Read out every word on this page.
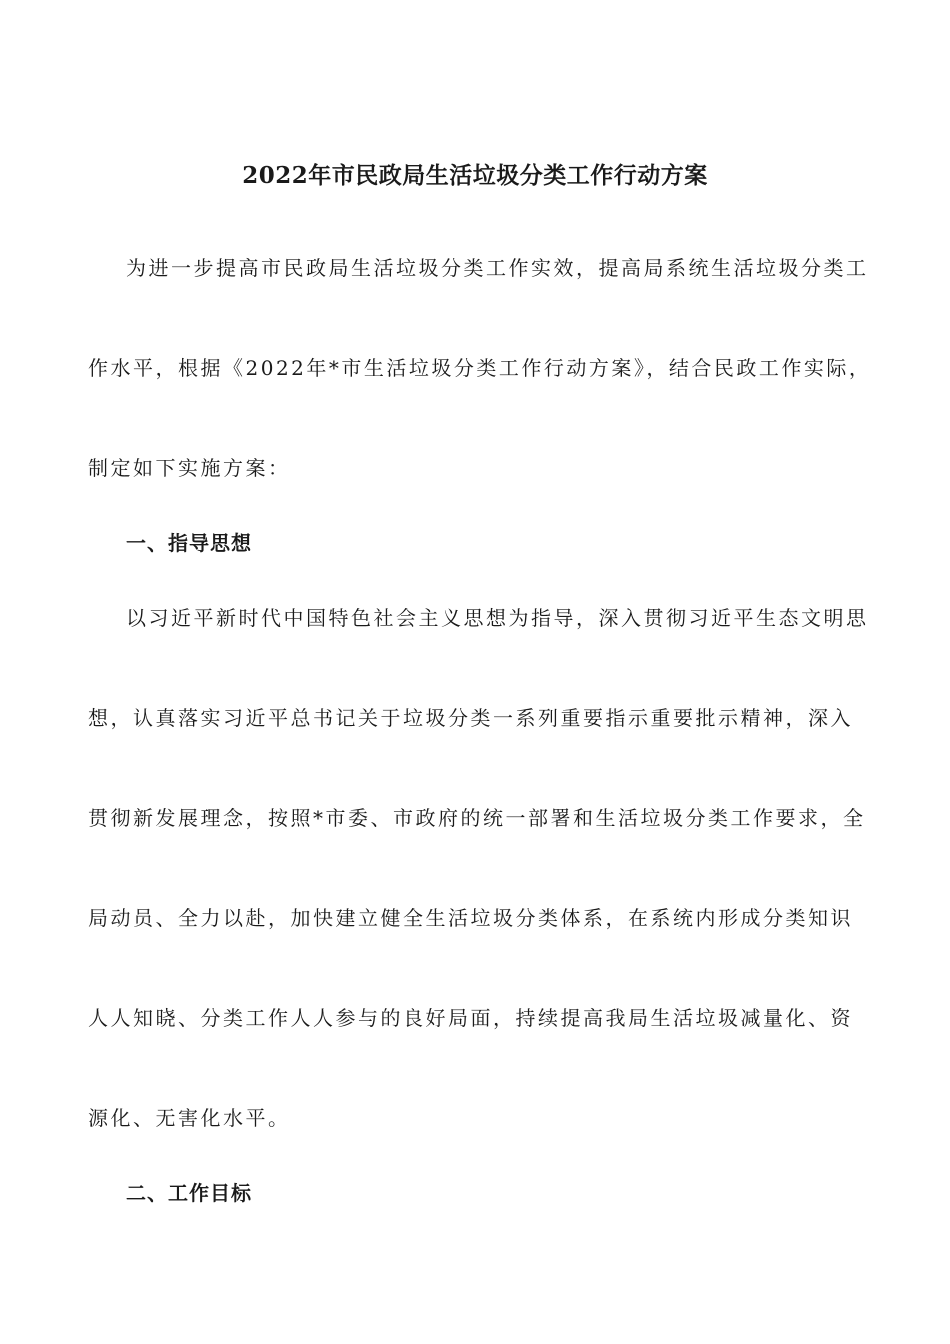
2022年市民政局生活垃圾分类工作行动方案
为进一步提高市民政局生活垃圾分类工作实效，提高局系统生活垃圾分类工
作水平，根据《2022年*市生活垃圾分类工作行动方案》，结合民政工作实际，
制定如下实施方案：
一、指导思想
以习近平新时代中国特色社会主义思想为指导，深入贯彻习近平生态文明思
想，认真落实习近平总书记关于垃圾分类一系列重要指示重要批示精神，深入
贯彻新发展理念，按照*市委、市政府的统一部署和生活垃圾分类工作要求，全
局动员、全力以赴，加快建立健全生活垃圾分类体系，在系统内形成分类知识
人人知晓、分类工作人人参与的良好局面，持续提高我局生活垃圾减量化、资
源化、无害化水平。
二、工作目标
